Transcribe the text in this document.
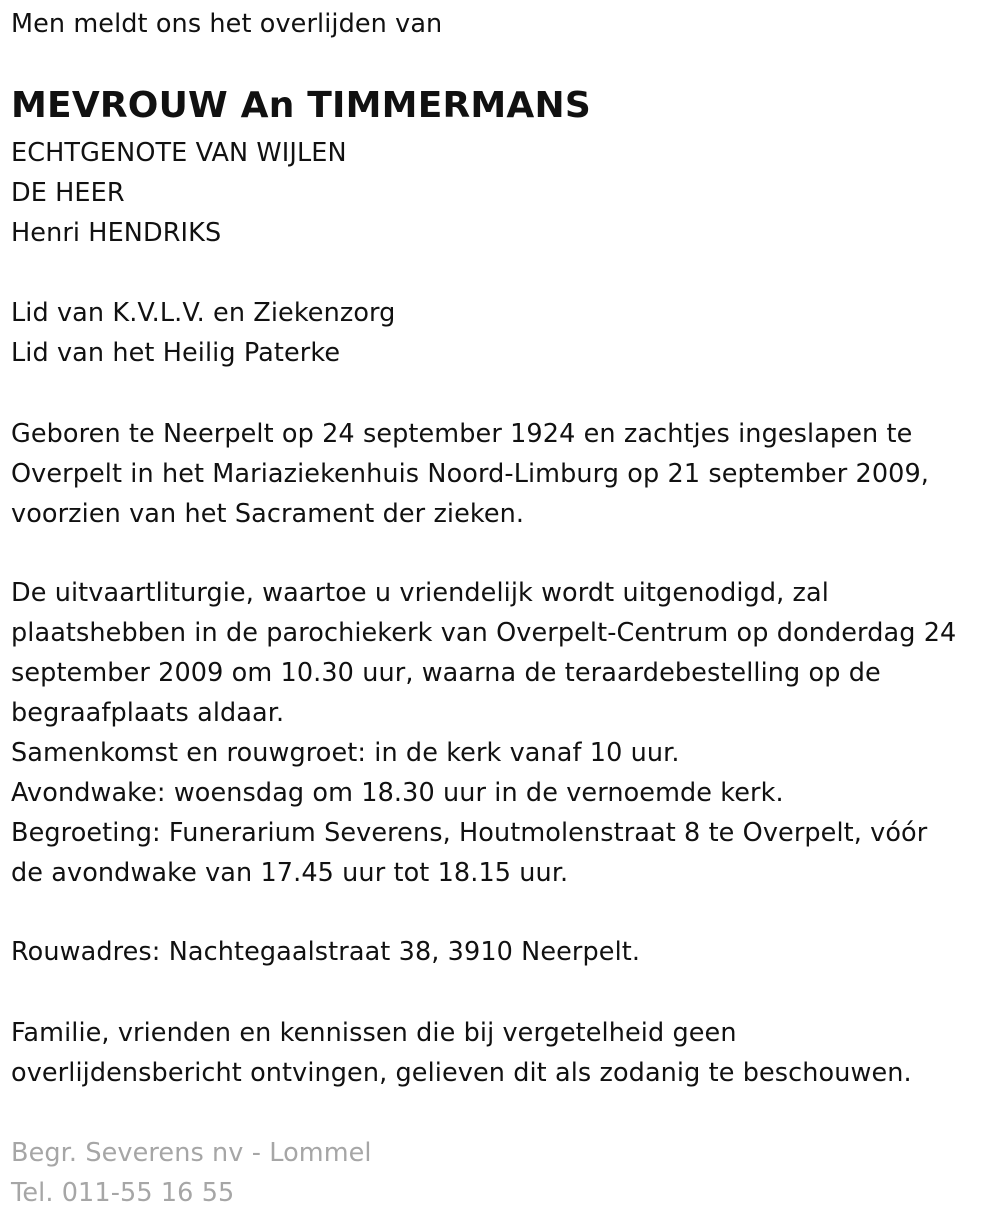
Men meldt ons het overlijden van
MEVROUW An TIMMERMANS
ECHTGENOTE VAN WIJLEN
DE HEER
Henri HENDRIKS
Lid van K.V.L.V. en Ziekenzorg
Lid van het Heilig Paterke
Geboren te Neerpelt op 24 september 1924 en zachtjes ingeslapen te
Overpelt in het Mariaziekenhuis Noord-Limburg op 21 september 2009,
voorzien van het Sacrament der zieken.
De uitvaartliturgie, waartoe u vriendelijk wordt uitgenodigd, zal
plaatshebben in de parochiekerk van Overpelt-Centrum op donderdag 24
september 2009 om 10.30 uur, waarna de teraardebestelling op de
begraafplaats aldaar.
Samenkomst en rouwgroet: in de kerk vanaf 10 uur.
Avondwake: woensdag om 18.30 uur in de vernoemde kerk.
Begroeting: Funerarium Severens, Houtmolenstraat 8 te Overpelt, vóór
de avondwake van 17.45 uur tot 18.15 uur.
Rouwadres: Nachtegaalstraat 38, 3910 Neerpelt.
Familie, vrienden en kennissen die bij vergetelheid geen
overlijdensbericht ontvingen, gelieven dit als zodanig te beschouwen.
Begr. Severens nv - Lommel
Tel. 011-55 16 55
